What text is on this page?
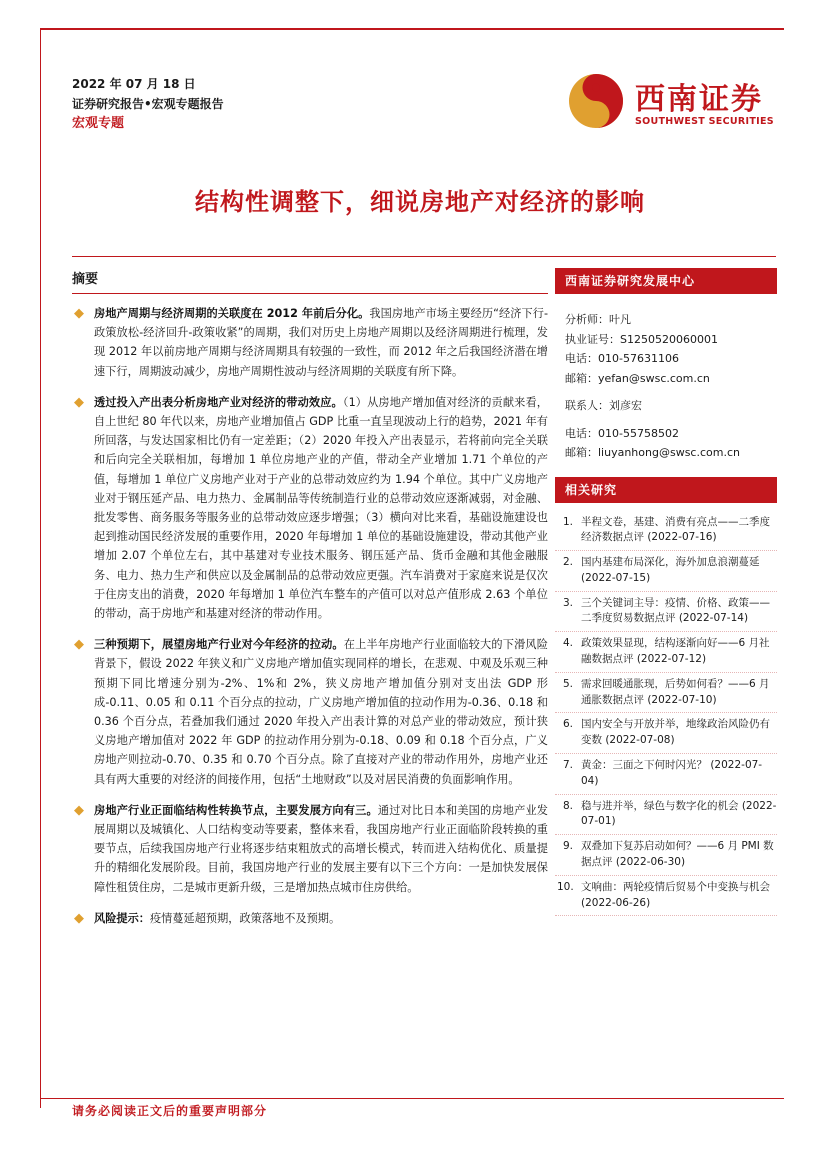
2022 年 07 月 18 日
证券研究报告•宏观专题报告
宏观专题
西南证券
SOUTHWEST SECURITIES
结构性调整下，细说房地产对经济的影响
摘要
◆ 房地产周期与经济周期的关联度在 2012 年前后分化。我国房地产市场主要经历“经济下行-政策放松-经济回升-政策收紧”的周期，我们对历史上房地产周期以及经济周期进行梳理，发现 2012 年以前房地产周期与经济周期具有较强的一致性，而 2012 年之后我国经济潜在增速下行，周期波动减少，房地产周期性波动与经济周期的关联度有所下降。
◆ 透过投入产出表分析房地产业对经济的带动效应。（1）从房地产增加值对经济的贡献来看，自上世纪 80 年代以来，房地产业增加值占 GDP 比重一直呈现波动上行的趋势，2021 年有所回落，与发达国家相比仍有一定差距；（2）2020 年投入产出表显示，若将前向完全关联和后向完全关联相加，每增加 1 单位房地产业的产值，带动全产业增加 1.71 个单位的产值，每增加 1 单位广义房地产业对于产业的总带动效应约为 1.94 个单位。其中广义房地产业对于钢压延产品、电力热力、金属制品等传统制造行业的总带动效应逐渐减弱，对金融、批发零售、商务服务等服务业的总带动效应逐步增强；（3）横向对比来看，基础设施建设也起到推动国民经济发展的重要作用，2020 年每增加 1 单位的基础设施建设，带动其他产业增加 2.07 个单位左右，其中基建对专业技术服务、钢压延产品、货币金融和其他金融服务、电力、热力生产和供应以及金属制品的总带动效应更强。汽车消费对于家庭来说是仅次于住房支出的消费，2020 年每增加 1 单位汽车整车的产值可以对总产值形成 2.63 个单位的带动，高于房地产和基建对经济的带动作用。
◆ 三种预期下，展望房地产行业对今年经济的拉动。在上半年房地产行业面临较大的下滑风险背景下，假设 2022 年狭义和广义房地产增加值实现同样的增长，在悲观、中观及乐观三种预期下同比增速分别为-2%、1%和 2%，狭义房地产增加值分别对支出法 GDP 形成-0.11、0.05 和 0.11 个百分点的拉动，广义房地产增加值的拉动作用为-0.36、0.18 和 0.36 个百分点，若叠加我们通过 2020 年投入产出表计算的对总产业的带动效应，预计狭义房地产增加值对 2022 年 GDP 的拉动作用分别为-0.18、0.09 和 0.18 个百分点，广义房地产则拉动-0.70、0.35 和 0.70 个百分点。除了直接对产业的带动作用外，房地产业还具有两大重要的对经济的间接作用，包括“土地财政”以及对居民消费的负面影响作用。
◆ 房地产行业正面临结构性转换节点，主要发展方向有三。通过对比日本和美国的房地产业发展周期以及城镇化、人口结构变动等要素，整体来看，我国房地产行业正面临阶段转换的重要节点，后续我国房地产行业将逐步结束粗放式的高增长模式，转而进入结构优化、质量提升的精细化发展阶段。目前，我国房地产行业的发展主要有以下三个方向：一是加快发展保障性租赁住房，二是城市更新升级，三是增加热点城市住房供给。
◆ 风险提示：疫情蔓延超预期，政策落地不及预期。
西南证券研究发展中心
分析师：叶凡
执业证号：S1250520060001
电话：010-57631106
邮箱：yefan@swsc.com.cn
联系人：刘彦宏
电话：010-55758502
邮箱：liuyanhong@swsc.com.cn
相关研究
1. 半程文卷，基建、消费有亮点——二季度经济数据点评 (2022-07-16)
2. 国内基建布局深化，海外加息浪潮蔓延 (2022-07-15)
3. 三个关键词主导：疫情、价格、政策——二季度贸易数据点评 (2022-07-14)
4. 政策效果显现，结构逐渐向好——6 月社融数据点评 (2022-07-12)
5. 需求回暖通胀现，后势如何看？——6 月通胀数据点评 (2022-07-10)
6. 国内安全与开放并举，地缘政治风险仍有变数 (2022-07-08)
7. 黄金：三面之下何时闪光？ (2022-07-04)
8. 稳与进并举，绿色与数字化的机会 (2022-07-01)
9. 双叠加下复苏启动如何？——6 月 PMI 数据点评 (2022-06-30)
10. 文响曲：两轮疫情后贸易个中变换与机会 (2022-06-26)
请务必阅读正文后的重要声明部分
